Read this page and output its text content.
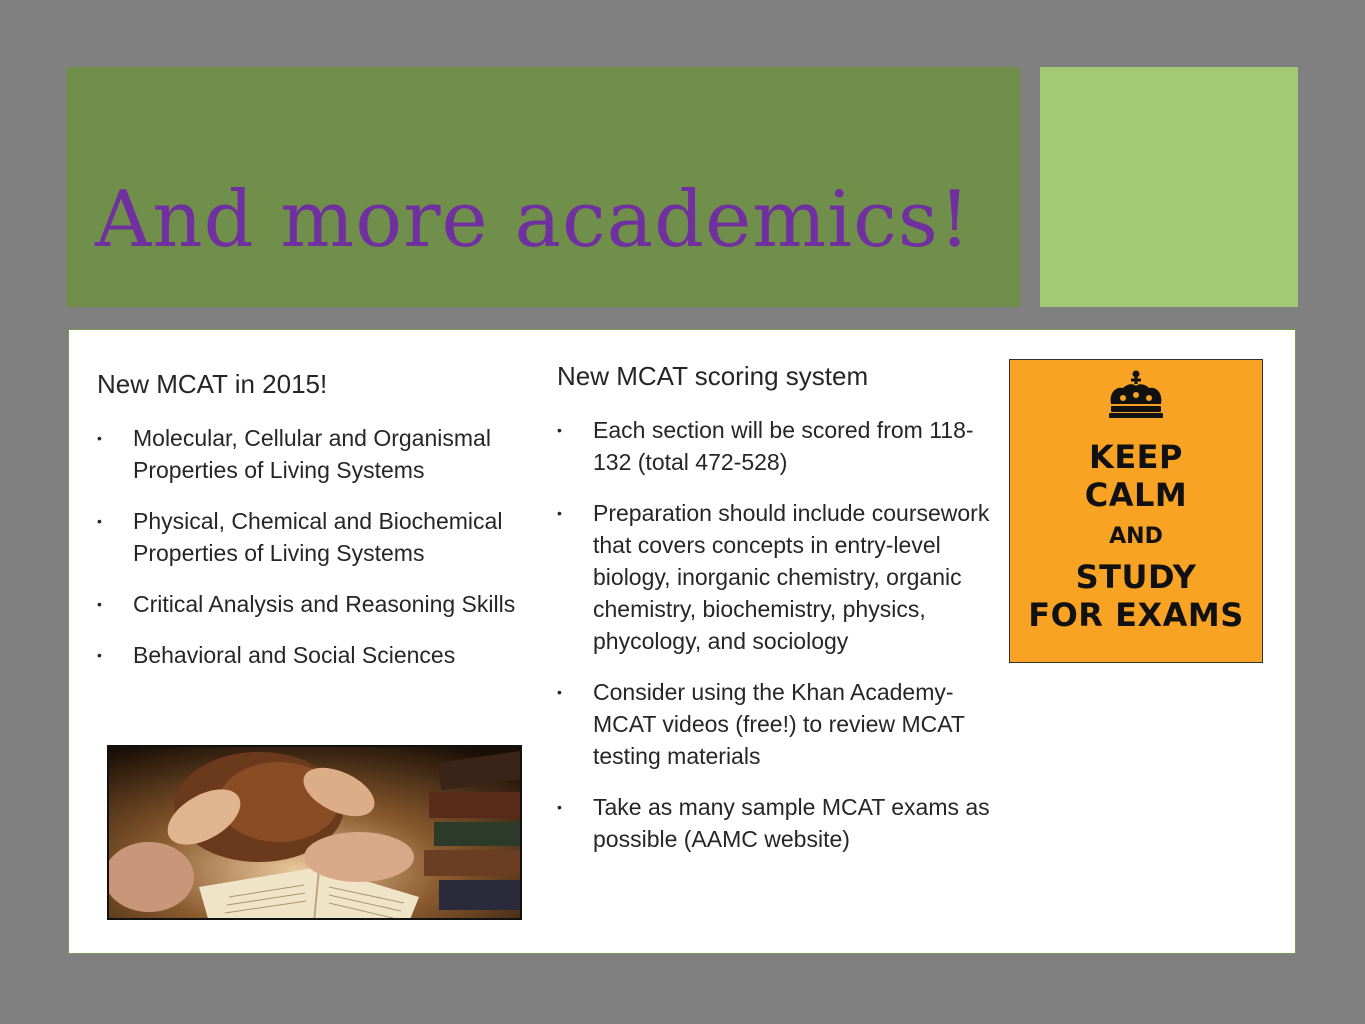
And more academics!
New MCAT in 2015!
• Molecular, Cellular and Organismal Properties of Living Systems
• Physical, Chemical and Biochemical Properties of Living Systems
• Critical Analysis and Reasoning Skills
• Behavioral and Social Sciences
New MCAT scoring system
• Each section will be scored from 118-132 (total 472-528)
• Preparation should include coursework that covers concepts in entry-level biology, inorganic chemistry, organic chemistry, biochemistry, physics, phycology, and sociology
• Consider using the Khan Academy-MCAT videos (free!) to review MCAT testing materials
• Take as many sample MCAT exams as possible (AAMC website)
KEEP
CALM
AND
STUDY
FOR EXAMS
